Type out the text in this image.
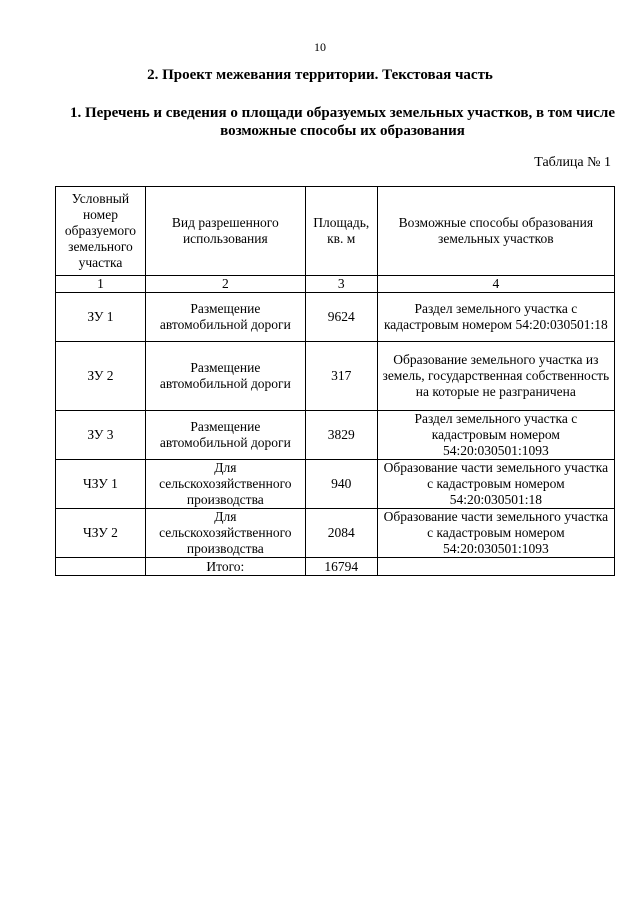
10
2. Проект межевания территории. Текстовая часть
1. Перечень и сведения о площади образуемых земельных участков, в том числе возможные способы их образования
Таблица № 1
Условный номер образуемого земельного участка	Вид разрешенного использования	Площадь, кв. м	Возможные способы образования земельных участков
1	2	3	4
ЗУ 1	Размещение автомобильной дороги	9624	Раздел земельного участка с кадастровым номером 54:20:030501:18
ЗУ 2	Размещение автомобильной дороги	317	Образование земельного участка из земель, государственная собственность на которые не разграничена
ЗУ 3	Размещение автомобильной дороги	3829	Раздел земельного участка с кадастровым номером 54:20:030501:1093
ЧЗУ 1	Для сельскохозяйственного производства	940	Образование части земельного участка с кадастровым номером 54:20:030501:18
ЧЗУ 2	Для сельскохозяйственного производства	2084	Образование части земельного участка с кадастровым номером 54:20:030501:1093
	Итого:	16794	
